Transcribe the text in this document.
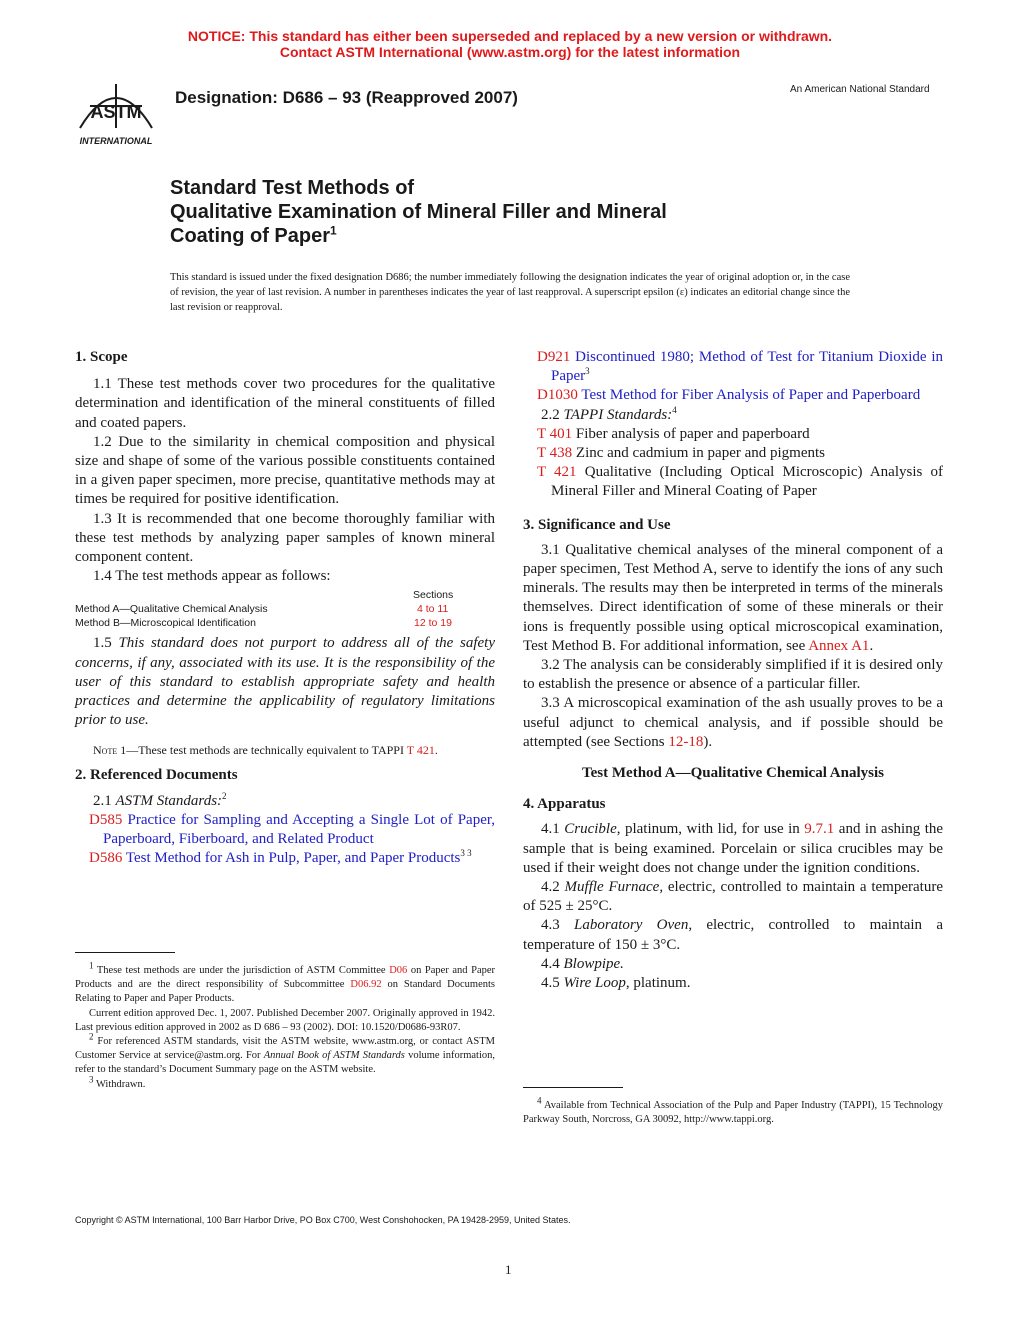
NOTICE: This standard has either been superseded and replaced by a new version or withdrawn.
Contact ASTM International (www.astm.org) for the latest information
ASTM
INTERNATIONAL
Designation: D686 – 93 (Reapproved 2007)	An American National Standard
Standard Test Methods of
Qualitative Examination of Mineral Filler and Mineral
Coating of Paper$^1$
This standard is issued under the fixed designation D686; the number immediately following the designation indicates the year of original adoption or, in the case of revision, the year of last revision. A number in parentheses indicates the year of last reapproval. A superscript epsilon (ε) indicates an editorial change since the last revision or reapproval.

1. Scope

1.1 These test methods cover two procedures for the qualitative determination and identification of the mineral constituents of filled and coated papers.

1.2 Due to the similarity in chemical composition and physical size and shape of some of the various possible constituents contained in a given paper specimen, more precise, quantitative methods may at times be required for positive identification.

1.3 It is recommended that one become thoroughly familiar with these test methods by analyzing paper samples of known mineral component content.

1.4 The test methods appear as follows:

Sections
Method A—Qualitative Chemical Analysis	4 to 11
Method B—Microscopical Identification	12 to 19

1.5 This standard does not purport to address all of the safety concerns, if any, associated with its use. It is the responsibility of the user of this standard to establish appropriate safety and health practices and determine the applicability of regulatory limitations prior to use.

Note 1—These test methods are technically equivalent to TAPPI T 421.

2. Referenced Documents

2.1 ASTM Standards:$^2$

D585 Practice for Sampling and Accepting a Single Lot of Paper, Paperboard, Fiberboard, and Related Product

D586 Test Method for Ash in Pulp, Paper, and Paper Products$^{3 3}$

$^1$ These test methods are under the jurisdiction of ASTM Committee D06 on Paper and Paper Products and are the direct responsibility of Subcommittee D06.92 on Standard Documents Relating to Paper and Paper Products.
Current edition approved Dec. 1, 2007. Published December 2007. Originally approved in 1942. Last previous edition approved in 2002 as D 686 – 93 (2002). DOI: 10.1520/D0686-93R07.
$^2$ For referenced ASTM standards, visit the ASTM website, www.astm.org, or contact ASTM Customer Service at service@astm.org. For Annual Book of ASTM Standards volume information, refer to the standard’s Document Summary page on the ASTM website.
$^3$ Withdrawn.

D921 Discontinued 1980; Method of Test for Titanium Dioxide in Paper$^3$

D1030 Test Method for Fiber Analysis of Paper and Paperboard

2.2 TAPPI Standards:$^4$

T 401 Fiber analysis of paper and paperboard

T 438 Zinc and cadmium in paper and pigments

T 421 Qualitative (Including Optical Microscopic) Analysis of Mineral Filler and Mineral Coating of Paper

3. Significance and Use

3.1 Qualitative chemical analyses of the mineral component of a paper specimen, Test Method A, serve to identify the ions of any such minerals. The results may then be interpreted in terms of the minerals themselves. Direct identification of some of these minerals or their ions is frequently possible using optical microscopical examination, Test Method B. For additional information, see Annex A1.

3.2 The analysis can be considerably simplified if it is desired only to establish the presence or absence of a particular filler.

3.3 A microscopical examination of the ash usually proves to be a useful adjunct to chemical analysis, and if possible should be attempted (see Sections 12-18).

Test Method A—Qualitative Chemical Analysis

4. Apparatus

4.1 Crucible, platinum, with lid, for use in 9.7.1 and in ashing the sample that is being examined. Porcelain or silica crucibles may be used if their weight does not change under the ignition conditions.

4.2 Muffle Furnace, electric, controlled to maintain a temperature of 525 ± 25°C.

4.3 Laboratory Oven, electric, controlled to maintain a temperature of 150 ± 3°C.

4.4 Blowpipe.

4.5 Wire Loop, platinum.

$^4$ Available from Technical Association of the Pulp and Paper Industry (TAPPI), 15 Technology Parkway South, Norcross, GA 30092, http://www.tappi.org.
Copyright © ASTM International, 100 Barr Harbor Drive, PO Box C700, West Conshohocken, PA 19428-2959, United States.
1
